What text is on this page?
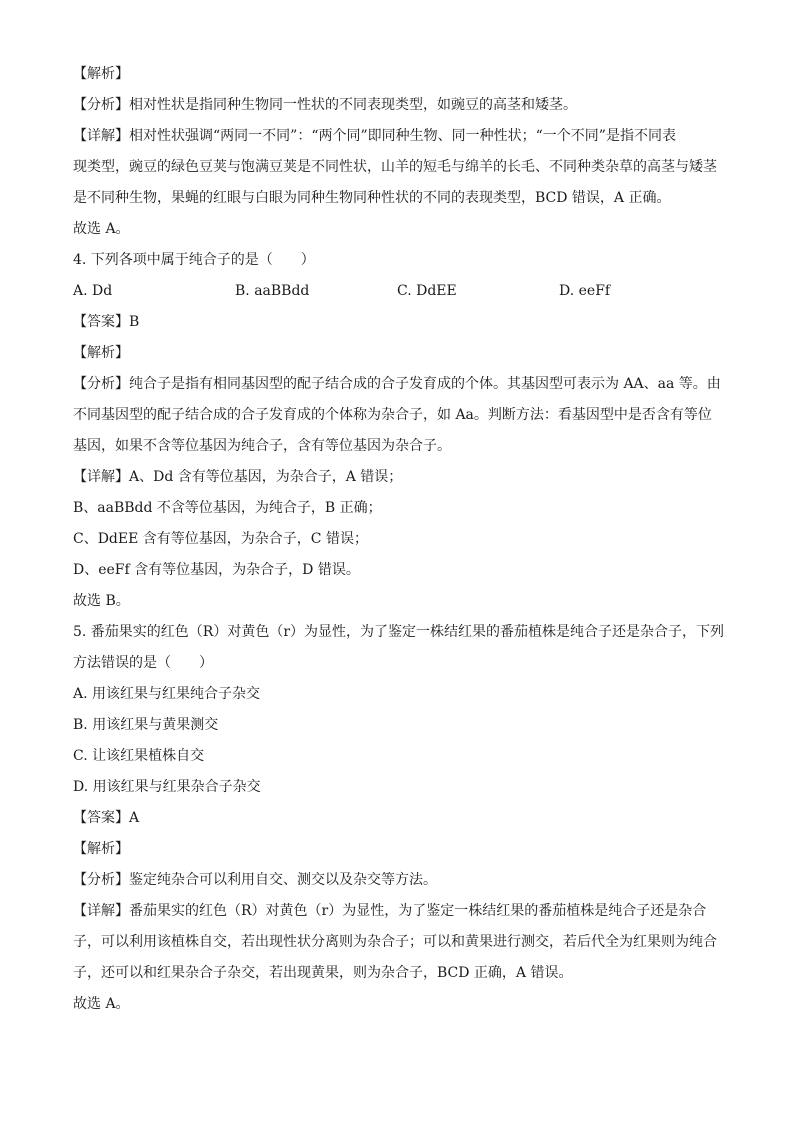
【解析】
【分析】相对性状是指同种生物同一性状的不同表现类型，如豌豆的高茎和矮茎。
【详解】相对性状强调“两同一不同”：“两个同”即同种生物、同一种性状；“一个不同”是指不同表
现类型，豌豆的绿色豆荚与饱满豆荚是不同性状，山羊的短毛与绵羊的长毛、不同种类杂草的高茎与矮茎
是不同种生物，果蝇的红眼与白眼为同种生物同种性状的不同的表现类型，BCD 错误，A 正确。
故选 A。
4. 下列各项中属于纯合子的是（　　）
A. Dd	B. aaBBdd	C. DdEE	D. eeFf
【答案】B
【解析】
【分析】纯合子是指有相同基因型的配子结合成的合子发育成的个体。其基因型可表示为 AA、aa 等。由
不同基因型的配子结合成的合子发育成的个体称为杂合子，如 Aa。判断方法：看基因型中是否含有等位
基因，如果不含等位基因为纯合子，含有等位基因为杂合子。
【详解】A、Dd 含有等位基因，为杂合子，A 错误；
B、aaBBdd 不含等位基因，为纯合子，B 正确；
C、DdEE 含有等位基因，为杂合子，C 错误；
D、eeFf 含有等位基因，为杂合子，D 错误。
故选 B。
5. 番茄果实的红色（R）对黄色（r）为显性，为了鉴定一株结红果的番茄植株是纯合子还是杂合子，下列
方法错误的是（　　）
A. 用该红果与红果纯合子杂交
B. 用该红果与黄果测交
C. 让该红果植株自交
D. 用该红果与红果杂合子杂交
【答案】A
【解析】
【分析】鉴定纯杂合可以利用自交、测交以及杂交等方法。
【详解】番茄果实的红色（R）对黄色（r）为显性，为了鉴定一株结红果的番茄植株是纯合子还是杂合
子，可以利用该植株自交，若出现性状分离则为杂合子；可以和黄果进行测交，若后代全为红果则为纯合
子，还可以和红果杂合子杂交，若出现黄果，则为杂合子，BCD 正确，A 错误。
故选 A。
